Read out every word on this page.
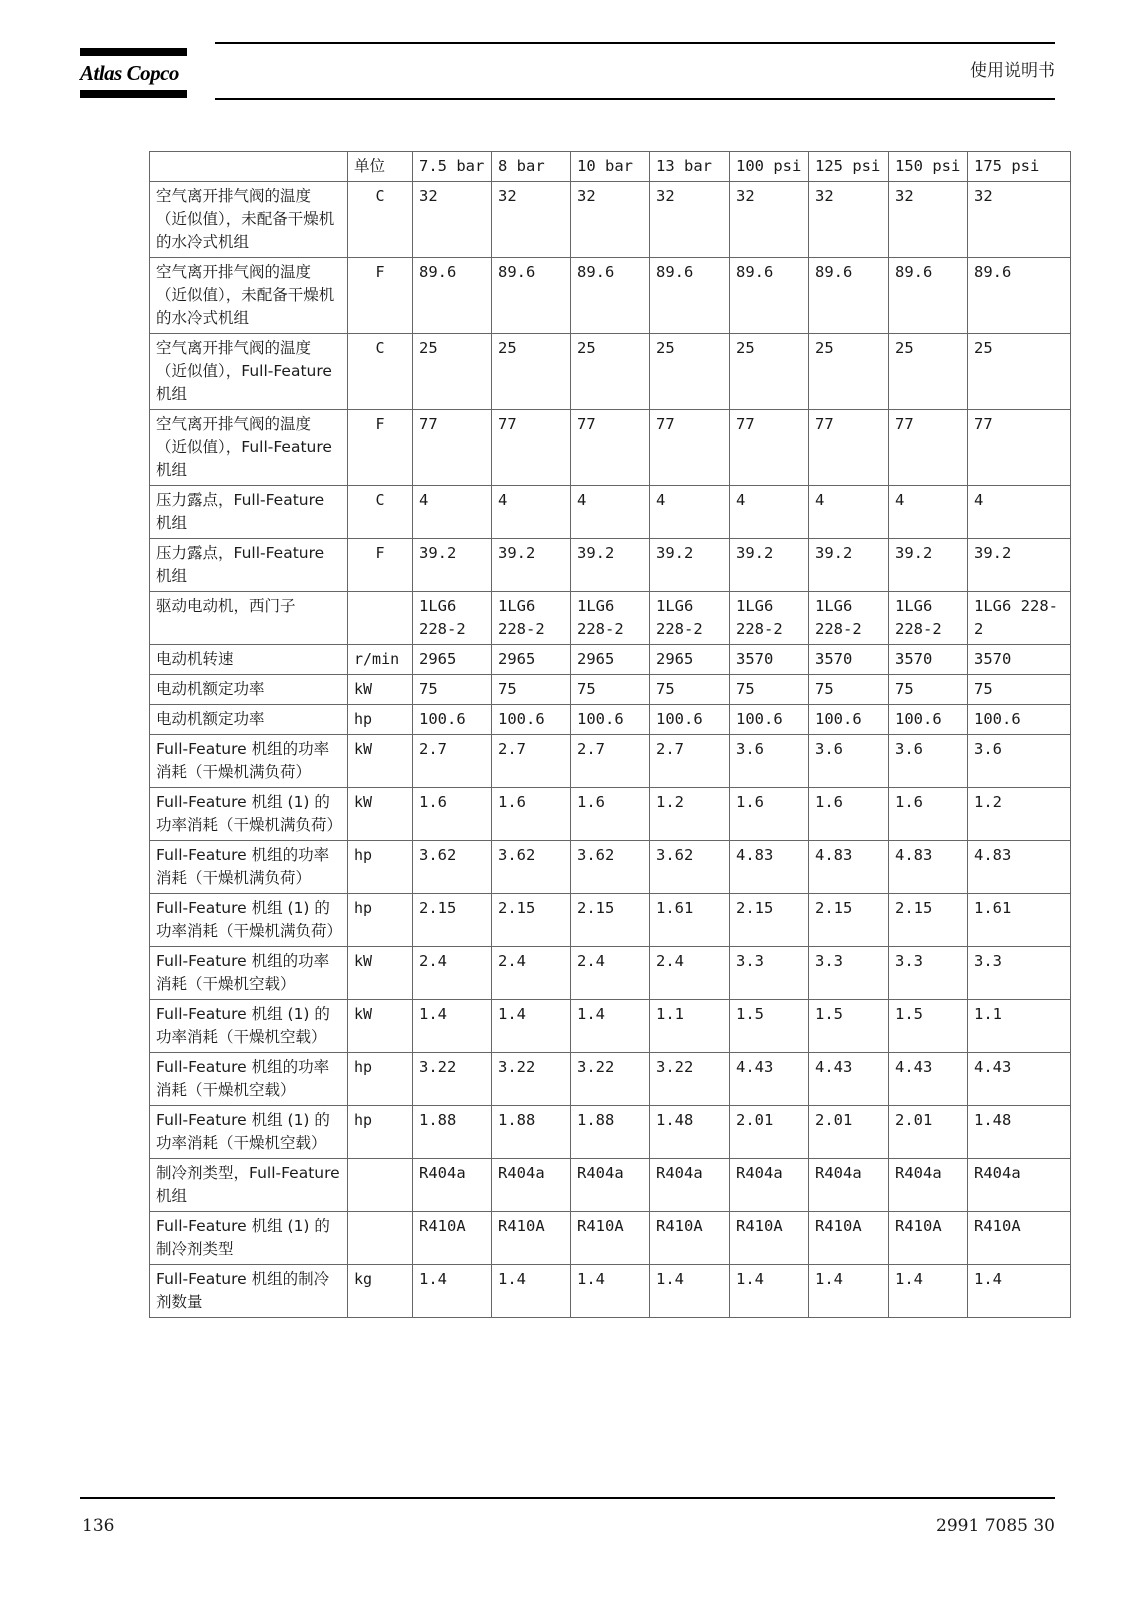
Atlas Copco	使用说明书
	单位	7.5 bar	8 bar	10 bar	13 bar	100 psi	125 psi	150 psi	175 psi
空气离开排气阀的温度（近似值），未配备干燥机的水冷式机组	C	32	32	32	32	32	32	32	32
空气离开排气阀的温度（近似值），未配备干燥机的水冷式机组	F	89.6	89.6	89.6	89.6	89.6	89.6	89.6	89.6
空气离开排气阀的温度（近似值），Full-Feature 机组	C	25	25	25	25	25	25	25	25
空气离开排气阀的温度（近似值），Full-Feature 机组	F	77	77	77	77	77	77	77	77
压力露点，Full-Feature 机组	C	4	4	4	4	4	4	4	4
压力露点，Full-Feature 机组	F	39.2	39.2	39.2	39.2	39.2	39.2	39.2	39.2
驱动电动机，西门子		1LG6 228-2	1LG6 228-2	1LG6 228-2	1LG6 228-2	1LG6 228-2	1LG6 228-2	1LG6 228-2	1LG6 228-2
电动机转速	r/min	2965	2965	2965	2965	3570	3570	3570	3570
电动机额定功率	kW	75	75	75	75	75	75	75	75
电动机额定功率	hp	100.6	100.6	100.6	100.6	100.6	100.6	100.6	100.6
Full-Feature 机组的功率消耗（干燥机满负荷）	kW	2.7	2.7	2.7	2.7	3.6	3.6	3.6	3.6
Full-Feature 机组 (1) 的功率消耗（干燥机满负荷）	kW	1.6	1.6	1.6	1.2	1.6	1.6	1.6	1.2
Full-Feature 机组的功率消耗（干燥机满负荷）	hp	3.62	3.62	3.62	3.62	4.83	4.83	4.83	4.83
Full-Feature 机组 (1) 的功率消耗（干燥机满负荷）	hp	2.15	2.15	2.15	1.61	2.15	2.15	2.15	1.61
Full-Feature 机组的功率消耗（干燥机空载）	kW	2.4	2.4	2.4	2.4	3.3	3.3	3.3	3.3
Full-Feature 机组 (1) 的功率消耗（干燥机空载）	kW	1.4	1.4	1.4	1.1	1.5	1.5	1.5	1.1
Full-Feature 机组的功率消耗（干燥机空载）	hp	3.22	3.22	3.22	3.22	4.43	4.43	4.43	4.43
Full-Feature 机组 (1) 的功率消耗（干燥机空载）	hp	1.88	1.88	1.88	1.48	2.01	2.01	2.01	1.48
制冷剂类型，Full-Feature 机组		R404a	R404a	R404a	R404a	R404a	R404a	R404a	R404a
Full-Feature 机组 (1) 的制冷剂类型		R410A	R410A	R410A	R410A	R410A	R410A	R410A	R410A
Full-Feature 机组的制冷剂数量	kg	1.4	1.4	1.4	1.4	1.4	1.4	1.4	1.4
136	2991 7085 30
